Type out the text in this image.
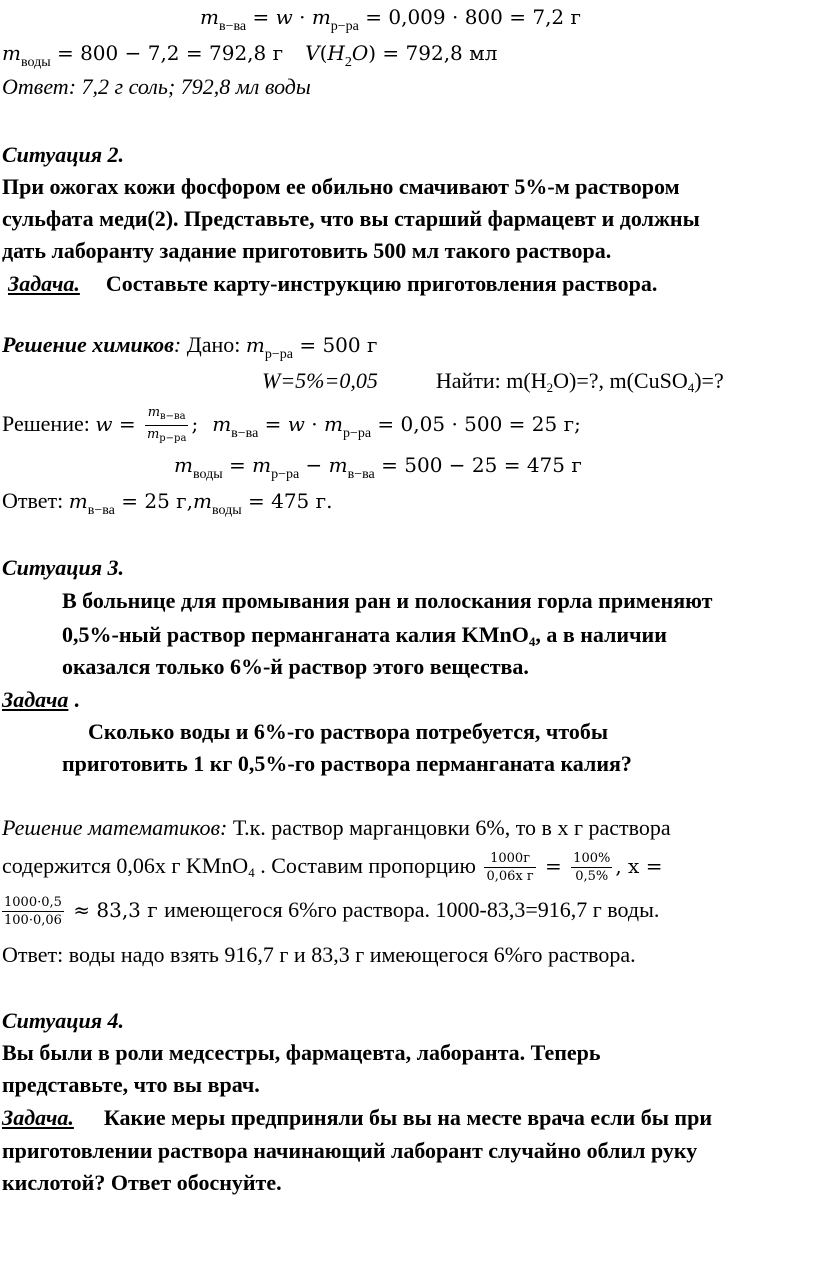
$m_{в-ва} = w \cdot m_{р-ра} = 0,009 \cdot 800 = 7,2$ г
$m_{воды} = 800 - 7,2 = 792,8$ г $V(H_2O) = 792,8$ мл
Ответ: 7,2 г соль; 792,8 мл воды
Ситуация 2.
При ожогах кожи фосфором ее обильно смачивают 5%-м раствором
сульфата меди(2). Представьте, что вы старший фармацевт и должны
дать лаборанту задание приготовить 500 мл такого раствора.
Задача. Составьте карту-инструкцию приготовления раствора.
Решение химиков: Дано: $m_{р-ра} = 500$ г
W=5%=0,05	Найти: m(H2O)=?, m(CuSO4)=?
Решение: $w = \frac{m_{в-ва}}{m_{р-ра}}$ ; $m_{в-ва} = w \cdot m_{р-ра} = 0,05 \cdot 500 = 25$ г;
$m_{воды} = m_{р-ра} - m_{в-ва} = 500 - 25 = 475$ г
Ответ: $m_{в-ва} = 25$ $г,m_{воды} = 475$ г.
Ситуация 3.
В больнице для промывания ран и полоскания горла применяют
0,5%-ный раствор перманганата калия KMnO4, а в наличии
оказался только 6%-й раствор этого вещества.
Задача .
Сколько воды и 6%-го раствора потребуется, чтобы
приготовить 1 кг 0,5%-го раствора перманганата калия?
Решение математиков: Т.к. раствор марганцовки 6%, то в х г раствора
содержится 0,06х г KMnO4 . Составим пропорцию $\frac{1000г}{\text{0,06х г}} = \frac{100\%}{0,5\%}$ , х =
$\frac{1000\cdot 0,5}{100\cdot 0,06} \approx 83,3$ г имеющегося 6%го раствора. 1000-83,3=916,7 г воды.
Ответ: воды надо взять 916,7 г и 83,3 г имеющегося 6%го раствора.
Ситуация 4.
Вы были в роли медсестры, фармацевта, лаборанта. Теперь
представьте, что вы врач.
Задача. Какие меры предприняли бы вы на месте врача если бы при
приготовлении раствора начинающий лаборант случайно облил руку
кислотой? Ответ обоснуйте.
